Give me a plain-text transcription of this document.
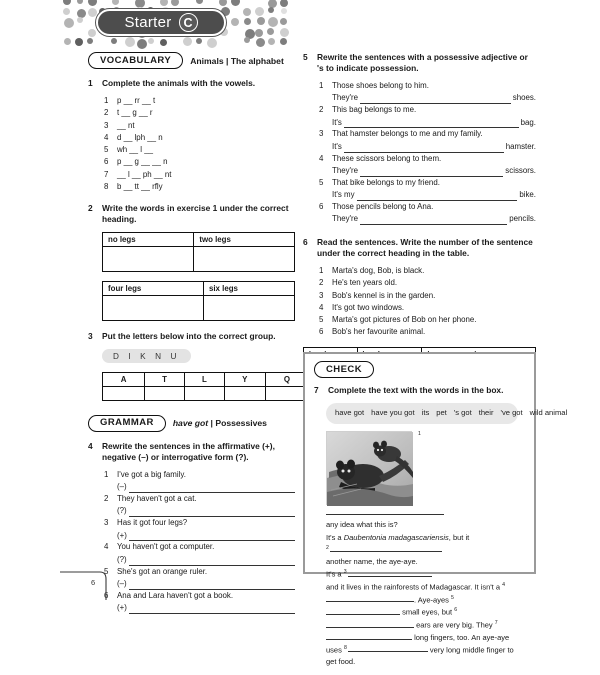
Starter C
VOCABULARY	Animals | The alphabet
1	Complete the animals with the vowels.
1	p __ rr __ t
2	t __ g __ r
3	__ nt
4	d __ lph __ n
5	wh __ l __
6	p __ g __ __ n
7	__ l __ ph __ nt
8	b __ tt __ rfly
2	Write the words in exercise 1 under the correct heading.
no legs	two legs

four legs	six legs

3	Put the letters below into the correct group.
D I K N U
A	T	L	Y	Q

GRAMMAR	have got | Possessives
4	Rewrite the sentences in the affirmative (+), negative (–) or interrogative form (?).
1	I've got a big family.
(–)
2	They haven't got a cat.
(?)
3	Has it got four legs?
(+)
4	You haven't got a computer.
(?)
5	She's got an orange ruler.
(–)
6	Ana and Lara haven't got a book.
(+)
5	Rewrite the sentences with a possessive adjective or 's to indicate possession.
1	Those shoes belong to him.
They're	shoes.
2	This bag belongs to me.
It's	bag.
3	That hamster belongs to me and my family.
It's	hamster.
4	These scissors belong to them.
They're	scissors.
5	That bike belongs to my friend.
It's my	bike.
6	Those pencils belong to Ana.
They're	pencils.
6	Read the sentences. Write the number of the sentence under the correct heading in the table.
1	Marta's dog, Bob, is black.
2	He's ten years old.
3	Bob's kennel is in the garden.
4	It's got two windows.
5	Marta's got pictures of Bob on her phone.
6	Bob's her favourite animal.

CHECK
7	Complete the text with the words in the box.
have got have you got its pet 's got their 've got wild animal
$^1$
any idea what this is?
It's a Daubentonia madagascariensis, but it
$^2$
another name, the aye-aye.
It's a $^3$
and it lives in the rainforests of Madagascar. It isn't a $^4$. Aye-ayes $^5$ small eyes, but $^6$ ears are very big. They $^7$ long fingers, too. An aye-aye uses $^8$	very long middle finger to get food.
6
